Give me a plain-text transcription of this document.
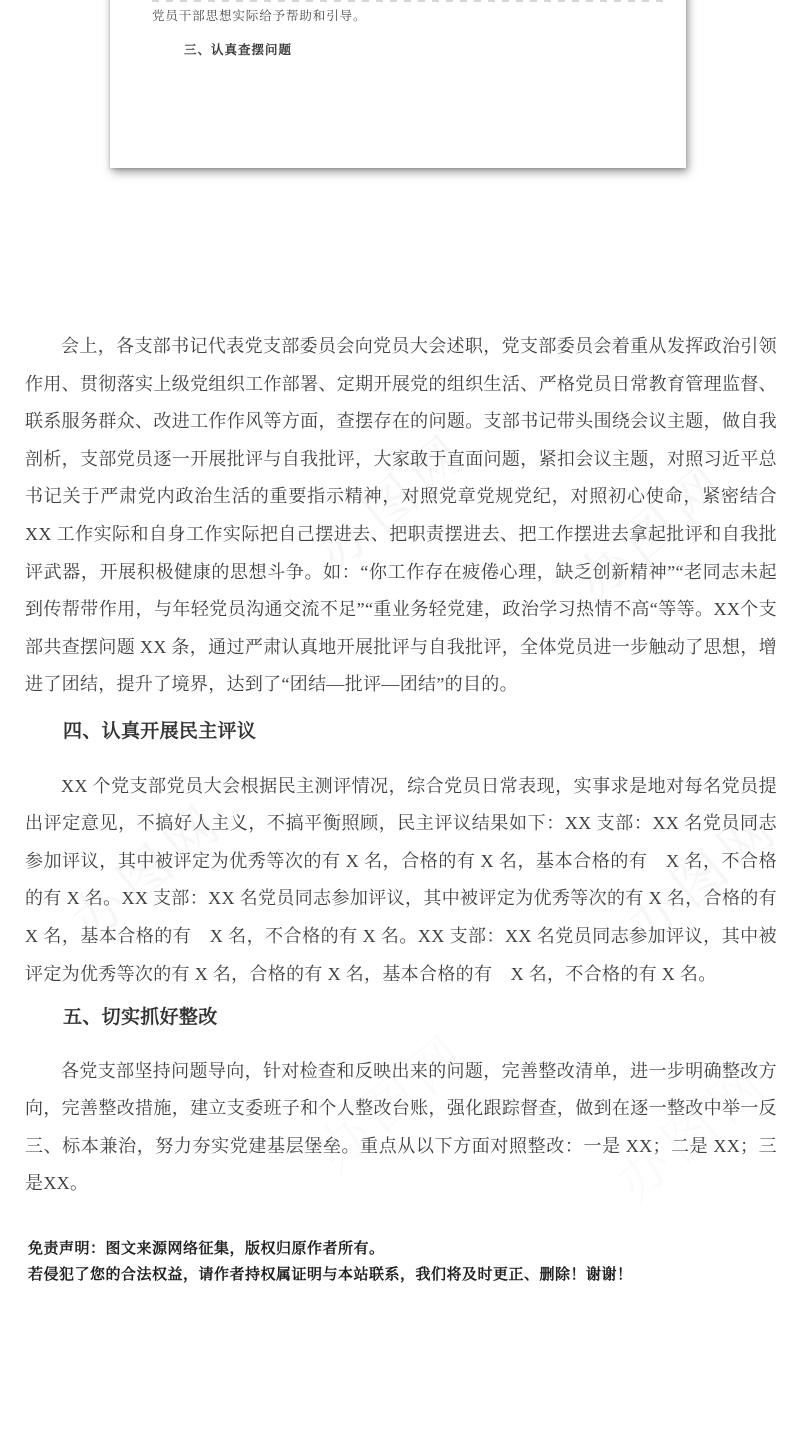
办图网 办图网
办图网	办图网
党员干部思想实际给予帮助和引导。
三、认真查摆问题

会上，各支部书记代表党支部委员会向党员大会述职，党支部委员会着重从发挥政治引领作用、贯彻落实上级党组织工作部署、定期开展党的组织生活、严格党员日常教育管理监督、联系服务群众、改进工作作风等方面，查摆存在的问题。支部书记带头围绕会议主题，做自我剖析，支部党员逐一开展批评与自我批评，大家敢于直面问题，紧扣会议主题，对照习近平总书记关于严肃党内政治生活的重要指示精神，对照党章党规党纪，对照初心使命，紧密结合XX 工作实际和自身工作实际把自己摆进去、把职责摆进去、把工作摆进去拿起批评和自我批评武器，开展积极健康的思想斗争。如：“你工作存在疲倦心理，缺乏创新精神”“老同志未起到传帮带作用，与年轻党员沟通交流不足”“重业务轻党建，政治学习热情不高“等等。XX个支部共查摆问题 XX 条，通过严肃认真地开展批评与自我批评，全体党员进一步触动了思想，增进了团结，提升了境界，达到了“团结—批评—团结”的目的。

四、认真开展民主评议

XX 个党支部党员大会根据民主测评情况，综合党员日常表现，实事求是地对每名党员提出评定意见，不搞好人主义，不搞平衡照顾，民主评议结果如下：XX 支部：XX 名党员同志参加评议，其中被评定为优秀等次的有 X 名，合格的有 X 名，基本合格的有　X 名，不合格的有 X 名。XX 支部：XX 名党员同志参加评议，其中被评定为优秀等次的有 X 名，合格的有 X 名，基本合格的有　X 名，不合格的有 X 名。XX 支部：XX 名党员同志参加评议，其中被评定为优秀等次的有 X 名，合格的有 X 名，基本合格的有　X 名，不合格的有 X 名。

五、切实抓好整改

各党支部坚持问题导向，针对检查和反映出来的问题，完善整改清单，进一步明确整改方向，完善整改措施，建立支委班子和个人整改台账，强化跟踪督查，做到在逐一整改中举一反三、标本兼治，努力夯实党建基层堡垒。重点从以下方面对照整改：一是 XX；二是 XX；三是XX。

免责声明：图文来源网络征集，版权归原作者所有。
若侵犯了您的合法权益，请作者持权属证明与本站联系，我们将及时更正、删除！谢谢！
